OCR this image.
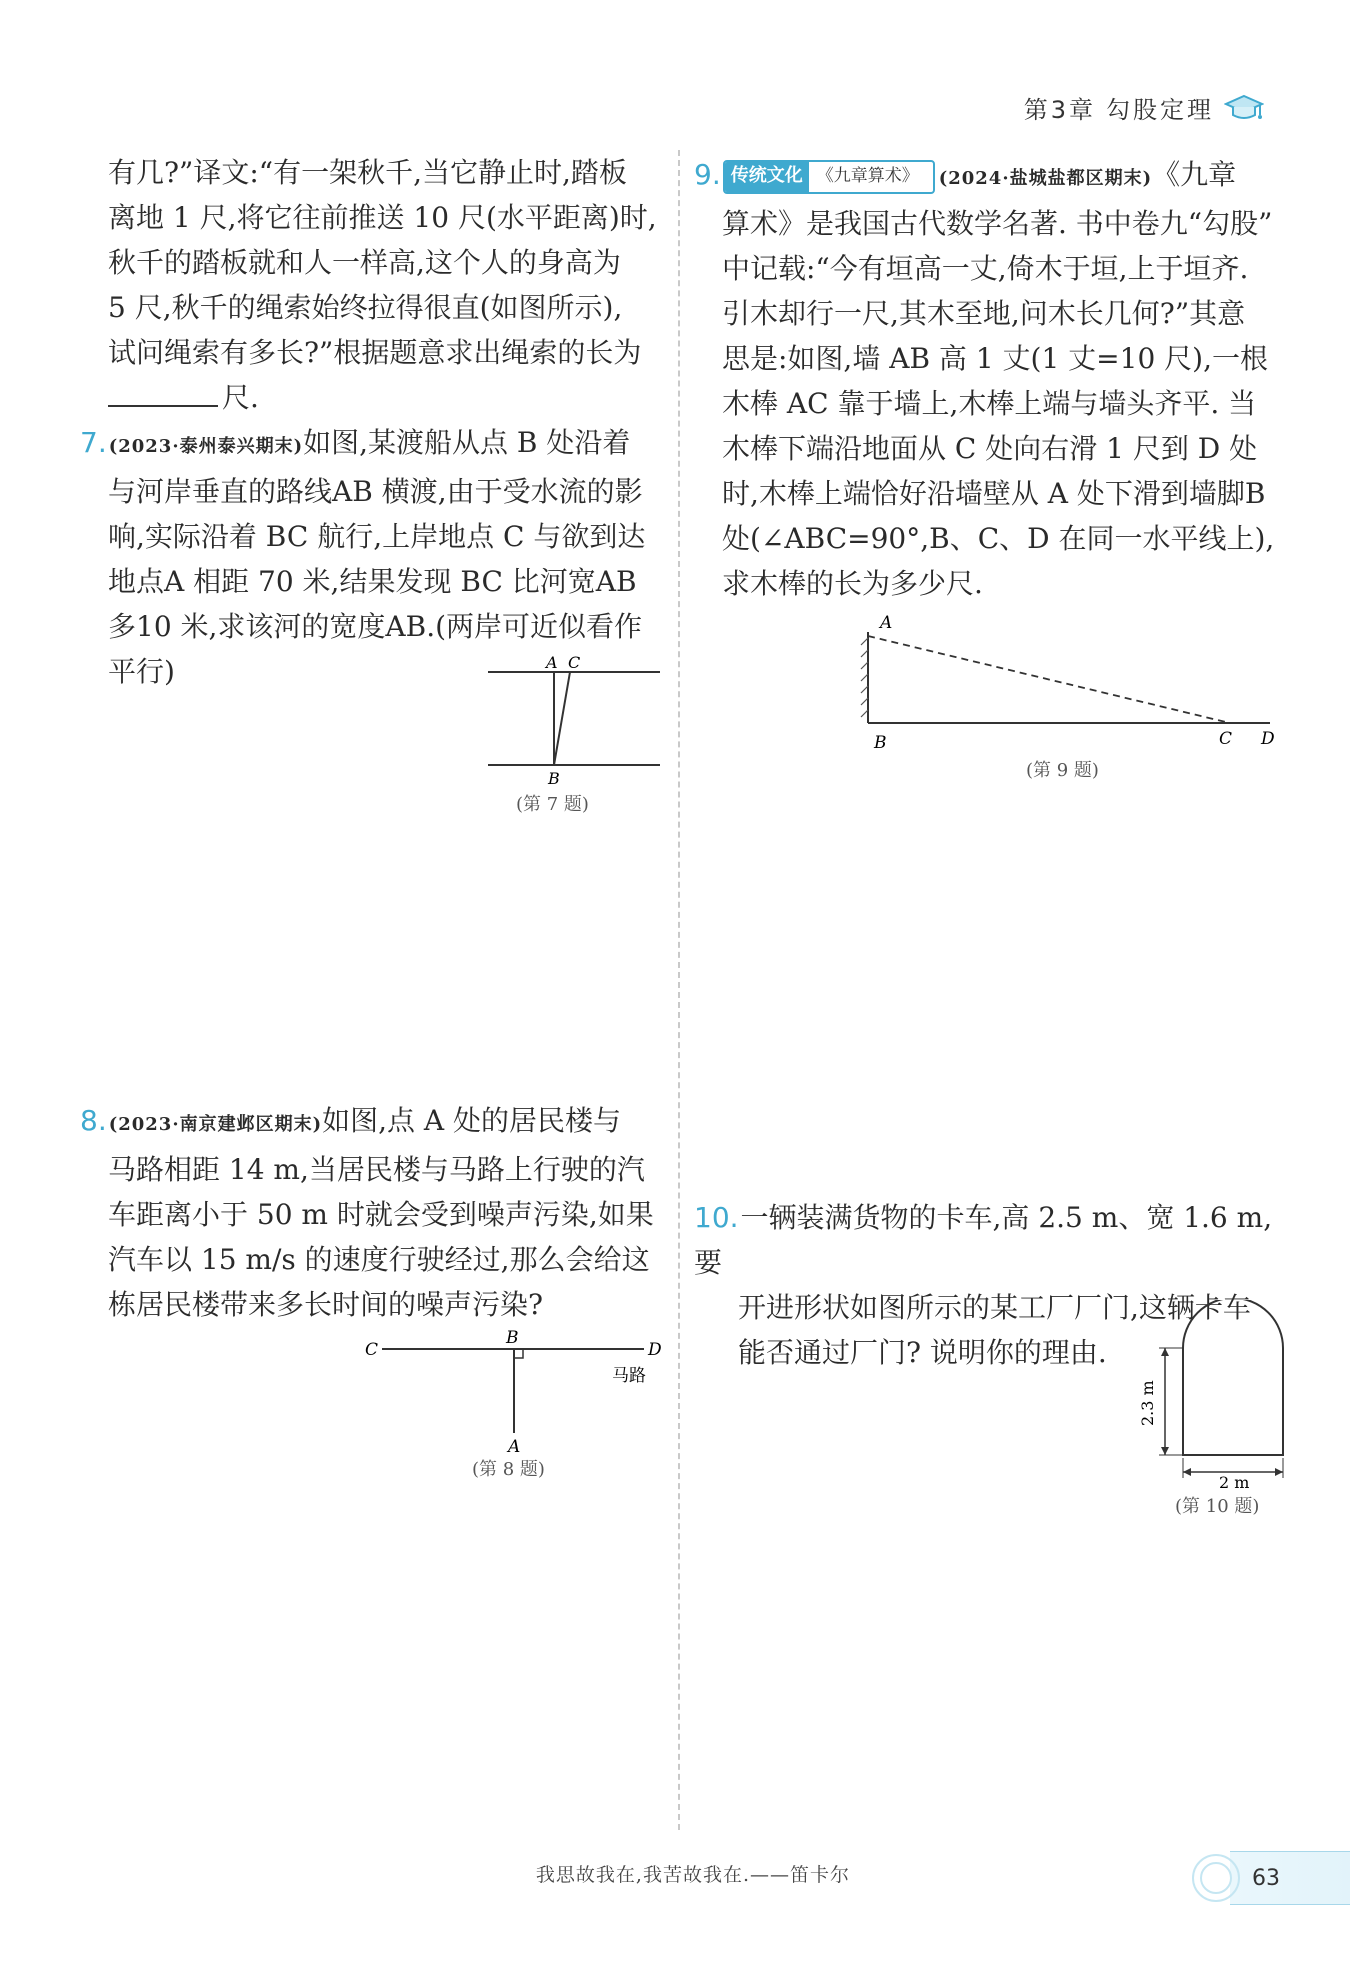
第3章 勾股定理

有几?”译文:“有一架秋千,当它静止时,踏板

离地 1 尺,将它往前推送 10 尺(水平距离)时,

秋千的踏板就和人一样高,这个人的身高为

5 尺,秋千的绳索始终拉得很直(如图所示),

试问绳索有多长?”根据题意求出绳索的长为

尺.

7. (2023·泰州泰兴期末)如图,某渡船从点 B 处沿着

与河岸垂直的路线AB 横渡,由于受水流的影

响,实际沿着 BC 航行,上岸地点 C 与欲到达

地点A 相距 70 米,结果发现 BC 比河宽AB

多10 米,求该河的宽度AB.(两岸可近似看作

平行)	A C
B
(第 7 题)

8. (2023·南京建邺区期末)如图,点 A 处的居民楼与

马路相距 14 m,当居民楼与马路上行驶的汽

车距离小于 50 m 时就会受到噪声污染,如果

汽车以 15 m/s 的速度行驶经过,那么会给这

栋居民楼带来多长时间的噪声污染?

C
B
D
A
马路
(第 8 题)

9. 传统文化 《九章算术》	(2024·盐城盐都区期末)《九章

算术》是我国古代数学名著. 书中卷九“勾股”

中记载:“今有垣高一丈,倚木于垣,上于垣齐.

引木却行一尺,其木至地,问木长几何?”其意

思是:如图,墙 AB 高 1 丈(1 丈=10 尺),一根

木棒 AC 靠于墙上,木棒上端与墙头齐平. 当

木棒下端沿地面从 C 处向右滑 1 尺到 D 处

时,木棒上端恰好沿墙壁从 A 处下滑到墙脚B

处(∠ABC=90°,B、C、D 在同一水平线上),

求木棒的长为多少尺.

A
B	C D
(第 9 题)

10.一辆装满货物的卡车,高 2.5 m、宽 1.6 m,要

开进形状如图所示的某工厂厂门,这辆卡车

能否通过厂门? 说明你的理由.

2.3 m
2 m
(第 10 题)
我思故我在,我苦故我在.——笛卡尔	63
